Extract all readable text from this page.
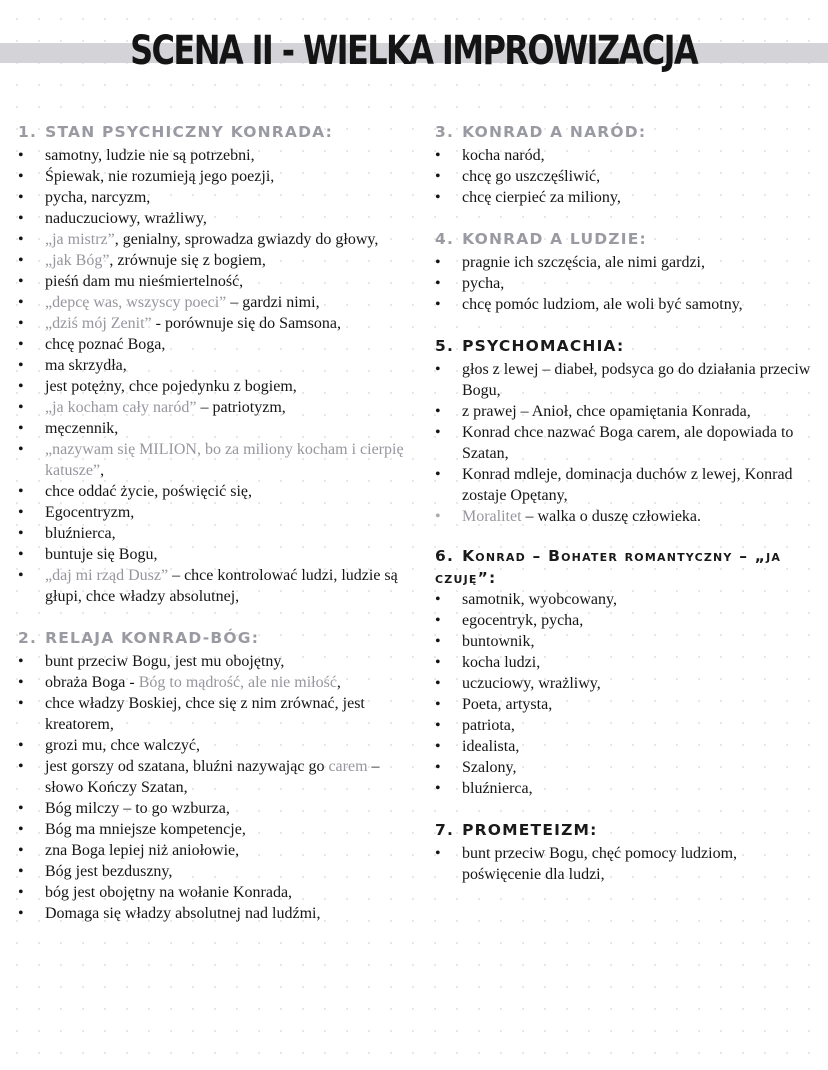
SCENA II - WIELKA IMPROWIZACJA
1. STAN PSYCHICZNY KONRADA:
• samotny, ludzie nie są potrzebni,
• Śpiewak, nie rozumieją jego poezji,
• pycha, narcyzm,
• naduczuciowy, wrażliwy,
• „ja mistrz”, genialny, sprowadza gwiazdy do głowy,
• „jak Bóg”, zrównuje się z bogiem,
• pieśń dam mu nieśmiertelność,
• „depcę was, wszyscy poeci” – gardzi nimi,
• „dziś mój Zenit” - porównuje się do Samsona,
• chcę poznać Boga,
• ma skrzydła,
• jest potężny, chce pojedynku z bogiem,
• „ja kocham cały naród” – patriotyzm,
• męczennik,
• „nazywam się MILION, bo za miliony kocham i cierpię katusze”,
• chce oddać życie, poświęcić się,
• Egocentryzm,
• bluźnierca,
• buntuje się Bogu,
• „daj mi rząd Dusz” – chce kontrolować ludzi, ludzie są głupi, chce władzy absolutnej,
2. RELAJA KONRAD-BÓG:
• bunt przeciw Bogu, jest mu obojętny,
• obraża Boga - Bóg to mądrość, ale nie miłość,
• chce władzy Boskiej, chce się z nim zrównać, jest kreatorem,
• grozi mu, chce walczyć,
• jest gorszy od szatana, bluźni nazywając go carem – słowo Kończy Szatan,
• Bóg milczy – to go wzburza,
• Bóg ma mniejsze kompetencje,
• zna Boga lepiej niż aniołowie,
• Bóg jest bezduszny,
• bóg jest obojętny na wołanie Konrada,
• Domaga się władzy absolutnej nad ludźmi,
3. KONRAD A NARÓD:
• kocha naród,
• chcę go uszczęśliwić,
• chcę cierpieć za miliony,
4. KONRAD A LUDZIE:
• pragnie ich szczęścia, ale nimi gardzi,
• pycha,
• chcę pomóc ludziom, ale woli być samotny,
5. PSYCHOMACHIA:
• głos z lewej – diabeł, podsyca go do działania przeciw Bogu,
• z prawej – Anioł, chce opamiętania Konrada,
• Konrad chce nazwać Boga carem, ale dopowiada to Szatan,
• Konrad mdleje, dominacja duchów z lewej, Konrad zostaje Opętany,
• Moralitet – walka o duszę człowieka.
6. Konrad – Bohater romantyczny – „ja czuję”:
• samotnik, wyobcowany,
• egocentryk, pycha,
• buntownik,
• kocha ludzi,
• uczuciowy, wrażliwy,
• Poeta, artysta,
• patriota,
• idealista,
• Szalony,
• bluźnierca,
7. PROMETEIZM:
• bunt przeciw Bogu, chęć pomocy ludziom, poświęcenie dla ludzi,
